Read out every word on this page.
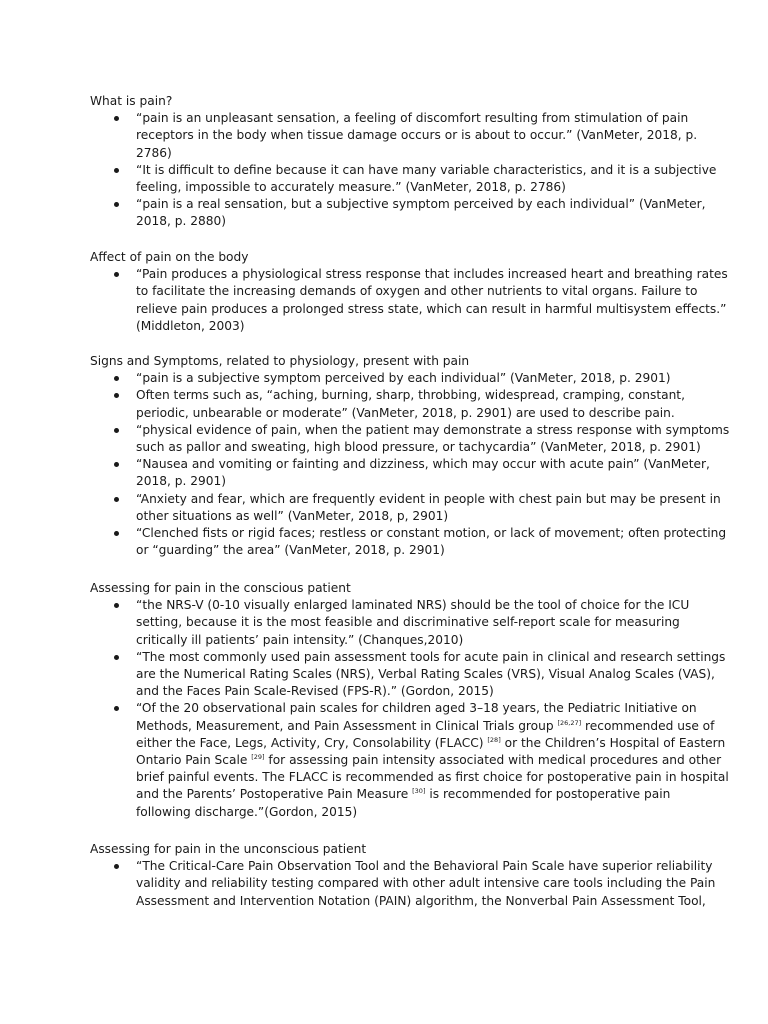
What is pain?
“pain is an unpleasant sensation, a feeling of discomfort resulting from stimulation of pain
receptors in the body when tissue damage occurs or is about to occur.” (VanMeter, 2018, p.
2786)
“It is difficult to define because it can have many variable characteristics, and it is a subjective
feeling, impossible to accurately measure.” (VanMeter, 2018, p. 2786)
“pain is a real sensation, but a subjective symptom perceived by each individual” (VanMeter,
2018, p. 2880)
Affect of pain on the body
“Pain produces a physiological stress response that includes increased heart and breathing rates
to facilitate the increasing demands of oxygen and other nutrients to vital organs. Failure to
relieve pain produces a prolonged stress state, which can result in harmful multisystem effects.”
(Middleton, 2003)
Signs and Symptoms, related to physiology, present with pain
“pain is a subjective symptom perceived by each individual” (VanMeter, 2018, p. 2901)
Often terms such as, “aching, burning, sharp, throbbing, widespread, cramping, constant,
periodic, unbearable or moderate” (VanMeter, 2018, p. 2901) are used to describe pain.
“physical evidence of pain, when the patient may demonstrate a stress response with symptoms
such as pallor and sweating, high blood pressure, or tachycardia” (VanMeter, 2018, p. 2901)
“Nausea and vomiting or fainting and dizziness, which may occur with acute pain” (VanMeter,
2018, p. 2901)
“Anxiety and fear, which are frequently evident in people with chest pain but may be present in
other situations as well” (VanMeter, 2018, p, 2901)
“Clenched fists or rigid faces; restless or constant motion, or lack of movement; often protecting
or “guarding” the area” (VanMeter, 2018, p. 2901)
Assessing for pain in the conscious patient
“the NRS-V (0-10 visually enlarged laminated NRS) should be the tool of choice for the ICU
setting, because it is the most feasible and discriminative self-report scale for measuring
critically ill patients’ pain intensity.” (Chanques,2010)
“The most commonly used pain assessment tools for acute pain in clinical and research settings
are the Numerical Rating Scales (NRS), Verbal Rating Scales (VRS), Visual Analog Scales (VAS),
and the Faces Pain Scale-Revised (FPS-R).” (Gordon, 2015)
“Of the 20 observational pain scales for children aged 3–18 years, the Pediatric Initiative on
Methods, Measurement, and Pain Assessment in Clinical Trials group [26,27] recommended use of
either the Face, Legs, Activity, Cry, Consolability (FLACC) [28] or the Children’s Hospital of Eastern
Ontario Pain Scale [29] for assessing pain intensity associated with medical procedures and other
brief painful events. The FLACC is recommended as first choice for postoperative pain in hospital
and the Parents’ Postoperative Pain Measure [30] is recommended for postoperative pain
following discharge.”(Gordon, 2015)
Assessing for pain in the unconscious patient
“The Critical-Care Pain Observation Tool and the Behavioral Pain Scale have superior reliability
validity and reliability testing compared with other adult intensive care tools including the Pain
Assessment and Intervention Notation (PAIN) algorithm, the Nonverbal Pain Assessment Tool,
